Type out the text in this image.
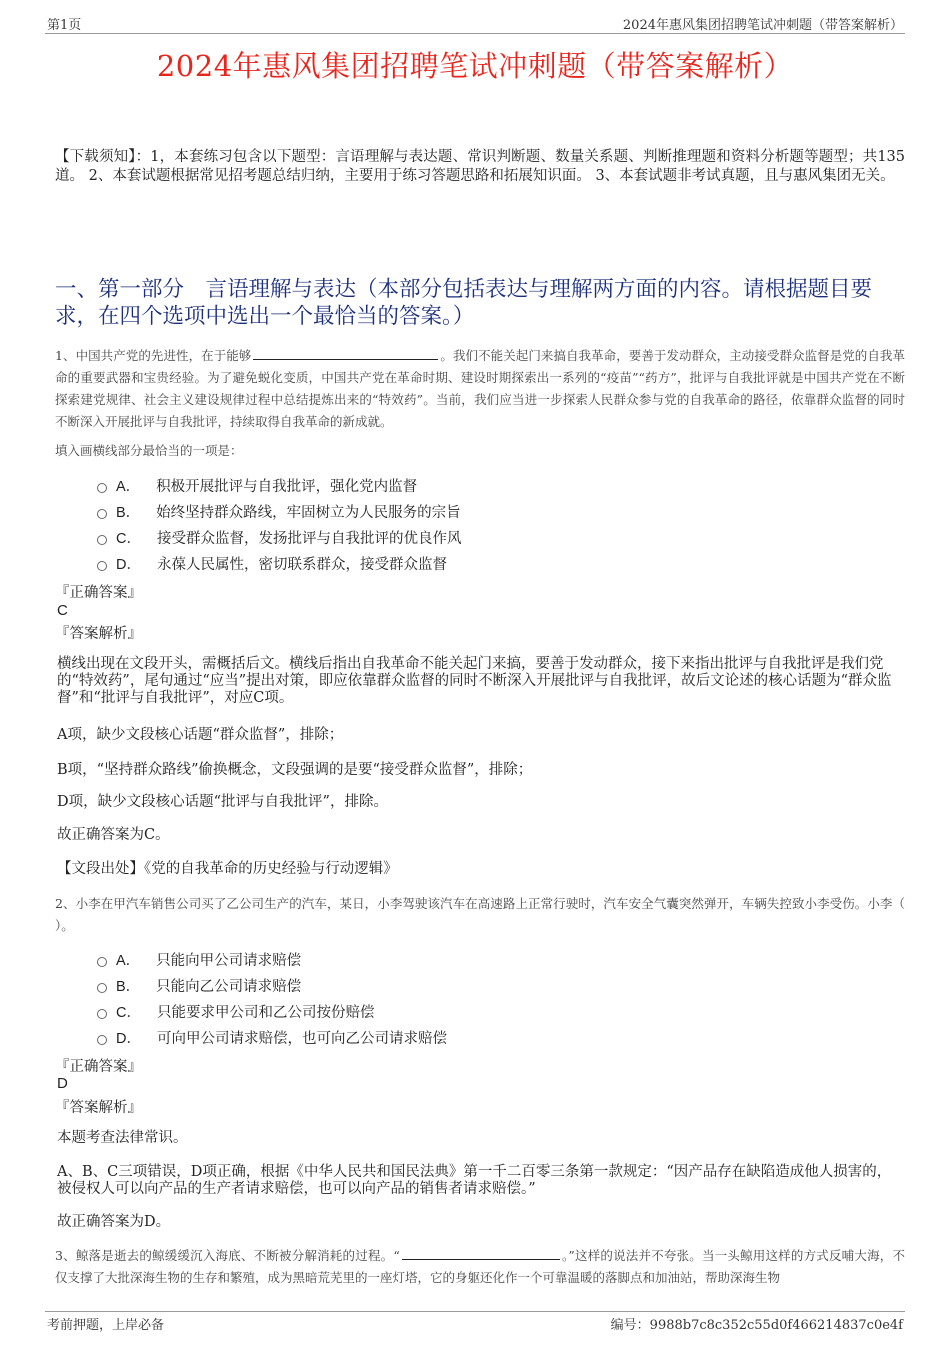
第1页	2024年惠风集团招聘笔试冲刺题（带答案解析）
2024年惠风集团招聘笔试冲刺题（带答案解析）
【下载须知】：1，本套练习包含以下题型：言语理解与表达题、常识判断题、数量关系题、判断推理题和资料分析题等题型；共135道。 2、本套试题根据常见招考题总结归纳，主要用于练习答题思路和拓展知识面。 3、本套试题非考试真题，且与惠风集团无关。
一、第一部分　言语理解与表达（本部分包括表达与理解两方面的内容。请根据题目要求，在四个选项中选出一个最恰当的答案。）
1、中国共产党的先进性，在于能够	。我们不能关起门来搞自我革命，要善于发动群众，主动接受群众监督是党的自我革命的重要武器和宝贵经验。为了避免蜕化变质，中国共产党在革命时期、建设时期探索出一系列的“疫苗”“药方”，批评与自我批评就是中国共产党在不断探索建党规律、社会主义建设规律过程中总结提炼出来的“特效药”。当前，我们应当进一步探索人民群众参与党的自我革命的路径，依靠群众监督的同时不断深入开展批评与自我批评，持续取得自我革命的新成就。
填入画横线部分最恰当的一项是：
A． 积极开展批评与自我批评，强化党内监督
B． 始终坚持群众路线，牢固树立为人民服务的宗旨
C． 接受群众监督，发扬批评与自我批评的优良作风
D． 永葆人民属性，密切联系群众，接受群众监督
『正确答案』
C
『答案解析』
横线出现在文段开头，需概括后文。横线后指出自我革命不能关起门来搞，要善于发动群众，接下来指出批评与自我批评是我们党的“特效药”，尾句通过“应当”提出对策，即应依靠群众监督的同时不断深入开展批评与自我批评，故后文论述的核心话题为“群众监督”和“批评与自我批评”，对应C项。
A项，缺少文段核心话题“群众监督”，排除；
B项，“坚持群众路线”偷换概念，文段强调的是要“接受群众监督”，排除；
D项，缺少文段核心话题“批评与自我批评”，排除。
故正确答案为C。
【文段出处】《党的自我革命的历史经验与行动逻辑》
2、小李在甲汽车销售公司买了乙公司生产的汽车，某日，小李驾驶该汽车在高速路上正常行驶时，汽车安全气囊突然弹开，车辆失控致小李受伤。小李（ ）。
A． 只能向甲公司请求赔偿
B． 只能向乙公司请求赔偿
C． 只能要求甲公司和乙公司按份赔偿
D． 可向甲公司请求赔偿，也可向乙公司请求赔偿
『正确答案』
D
『答案解析』
本题考查法律常识。
A、B、C三项错误，D项正确，根据《中华人民共和国民法典》第一千二百零三条第一款规定：“因产品存在缺陷造成他人损害的，被侵权人可以向产品的生产者请求赔偿，也可以向产品的销售者请求赔偿。”
故正确答案为D。
3、鲸落是逝去的鲸缓缓沉入海底、不断被分解消耗的过程。“	。”这样的说法并不夸张。当一头鲸用这样的方式反哺大海，不仅支撑了大批深海生物的生存和繁殖，成为黑暗荒芜里的一座灯塔，它的身躯还化作一个可靠温暖的落脚点和加油站，帮助深海生物
考前押题，上岸必备	编号：9988b7c8c352c55d0f466214837c0e4f
